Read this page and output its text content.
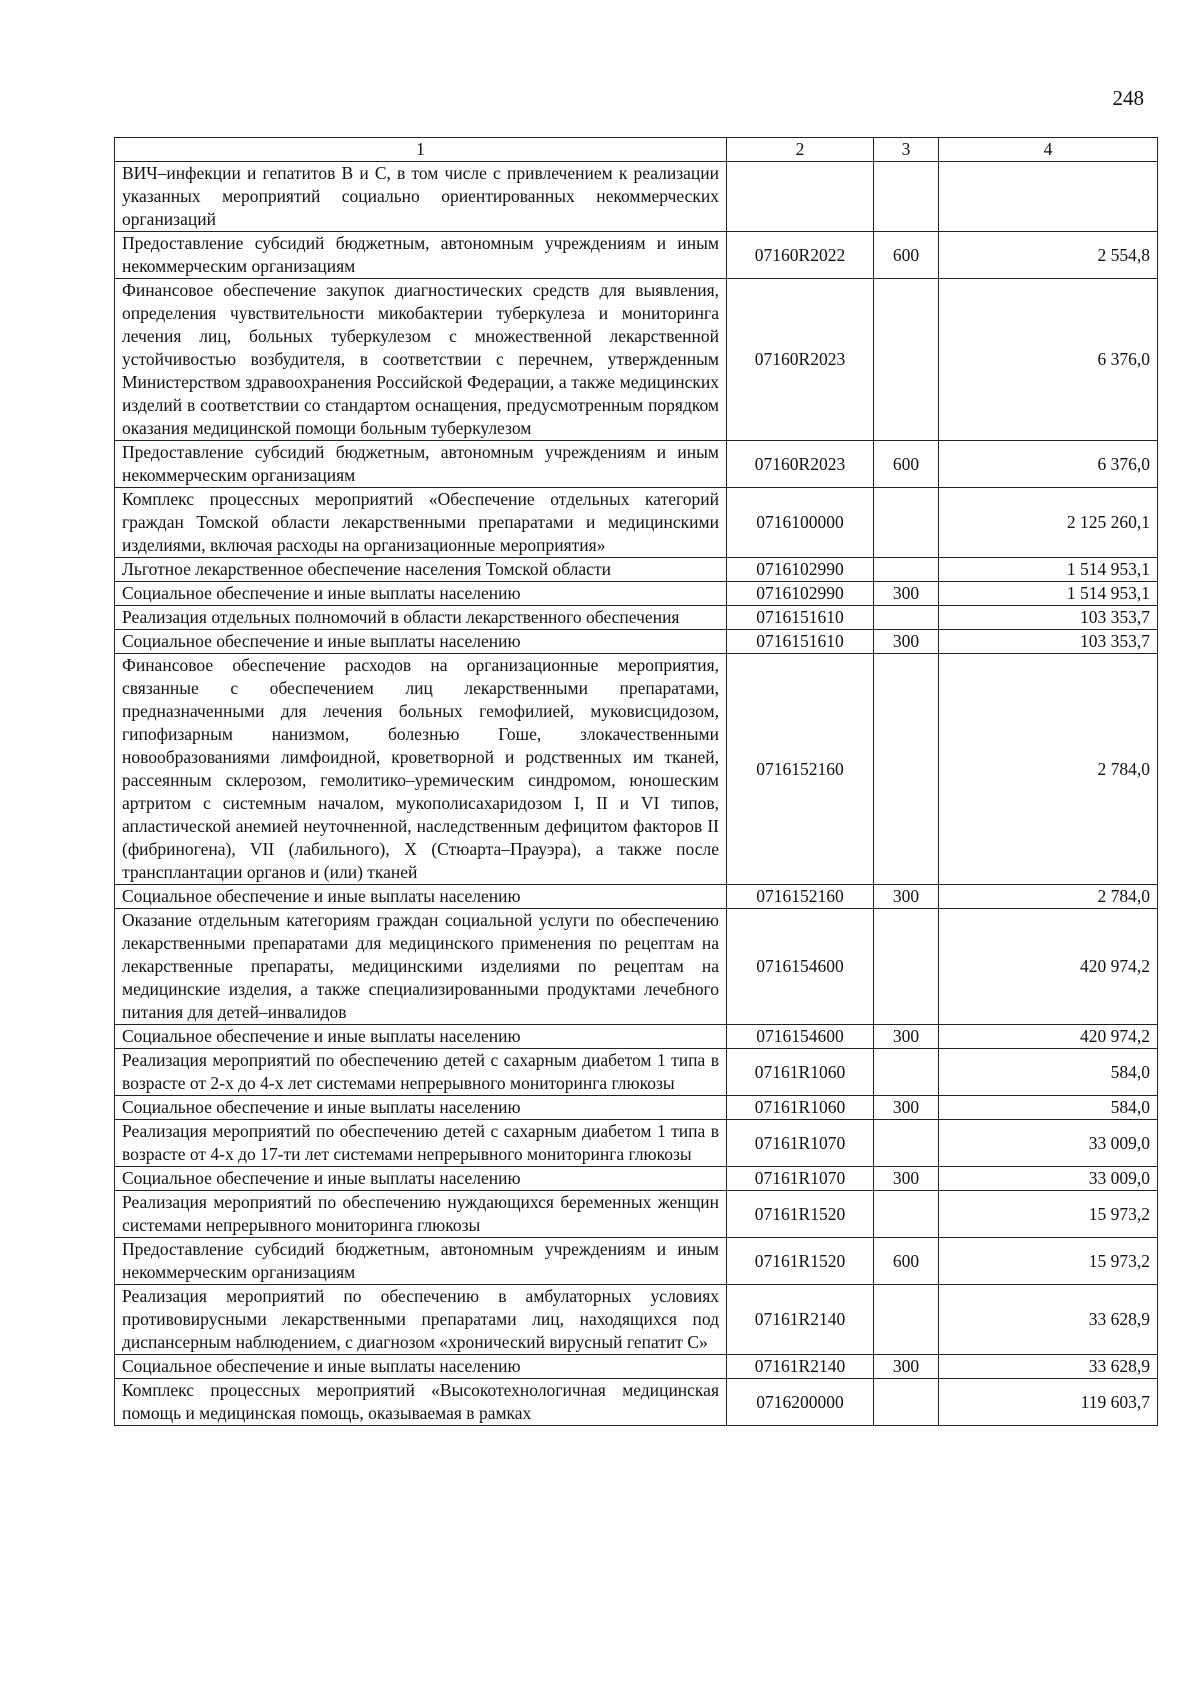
248
1	2	3	4
ВИЧ–инфекции и гепатитов B и C, в том числе с привлечением к реализации указанных мероприятий социально ориентированных некоммерческих организаций			
Предоставление субсидий бюджетным, автономным учреждениям и иным некоммерческим организациям	07160R2022	600	2 554,8
Финансовое обеспечение закупок диагностических средств для выявления, определения чувствительности микобактерии туберкулеза и мониторинга лечения лиц, больных туберкулезом с множественной лекарственной устойчивостью возбудителя, в соответствии с перечнем, утвержденным Министерством здравоохранения Российской Федерации, а также медицинских изделий в соответствии со стандартом оснащения, предусмотренным порядком оказания медицинской помощи больным туберкулезом	07160R2023		6 376,0
Предоставление субсидий бюджетным, автономным учреждениям и иным некоммерческим организациям	07160R2023	600	6 376,0
Комплекс процессных мероприятий «Обеспечение отдельных категорий граждан Томской области лекарственными препаратами и медицинскими изделиями, включая расходы на организационные мероприятия»	0716100000		2 125 260,1
Льготное лекарственное обеспечение населения Томской области	0716102990		1 514 953,1
Социальное обеспечение и иные выплаты населению	0716102990	300	1 514 953,1
Реализация отдельных полномочий в области лекарственного обеспечения	0716151610		103 353,7
Социальное обеспечение и иные выплаты населению	0716151610	300	103 353,7
Финансовое обеспечение расходов на организационные мероприятия, связанные с обеспечением лиц лекарственными препаратами, предназначенными для лечения больных гемофилией, муковисцидозом, гипофизарным нанизмом, болезнью Гоше, злокачественными новообразованиями лимфоидной, кроветворной и родственных им тканей, рассеянным склерозом, гемолитико–уремическим синдромом, юношеским артритом с системным началом, мукополисахаридозом I, II и VI типов, апластической анемией неуточненной, наследственным дефицитом факторов II (фибриногена), VII (лабильного), X (Стюарта–Прауэра), а также после трансплантации органов и (или) тканей	0716152160		2 784,0
Социальное обеспечение и иные выплаты населению	0716152160	300	2 784,0
Оказание отдельным категориям граждан социальной услуги по обеспечению лекарственными препаратами для медицинского применения по рецептам на лекарственные препараты, медицинскими изделиями по рецептам на медицинские изделия, а также специализированными продуктами лечебного питания для детей–инвалидов	0716154600		420 974,2
Социальное обеспечение и иные выплаты населению	0716154600	300	420 974,2
Реализация мероприятий по обеспечению детей с сахарным диабетом 1 типа в возрасте от 2-х до 4-х лет системами непрерывного мониторинга глюкозы	07161R1060		584,0
Социальное обеспечение и иные выплаты населению	07161R1060	300	584,0
Реализация мероприятий по обеспечению детей с сахарным диабетом 1 типа в возрасте от 4-х до 17-ти лет системами непрерывного мониторинга глюкозы	07161R1070		33 009,0
Социальное обеспечение и иные выплаты населению	07161R1070	300	33 009,0
Реализация мероприятий по обеспечению нуждающихся беременных женщин системами непрерывного мониторинга глюкозы	07161R1520		15 973,2
Предоставление субсидий бюджетным, автономным учреждениям и иным некоммерческим организациям	07161R1520	600	15 973,2
Реализация мероприятий по обеспечению в амбулаторных условиях противовирусными лекарственными препаратами лиц, находящихся под диспансерным наблюдением, с диагнозом «хронический вирусный гепатит С»	07161R2140		33 628,9
Социальное обеспечение и иные выплаты населению	07161R2140	300	33 628,9
Комплекс процессных мероприятий «Высокотехнологичная медицинская помощь и медицинская помощь, оказываемая в рамках	0716200000		119 603,7
